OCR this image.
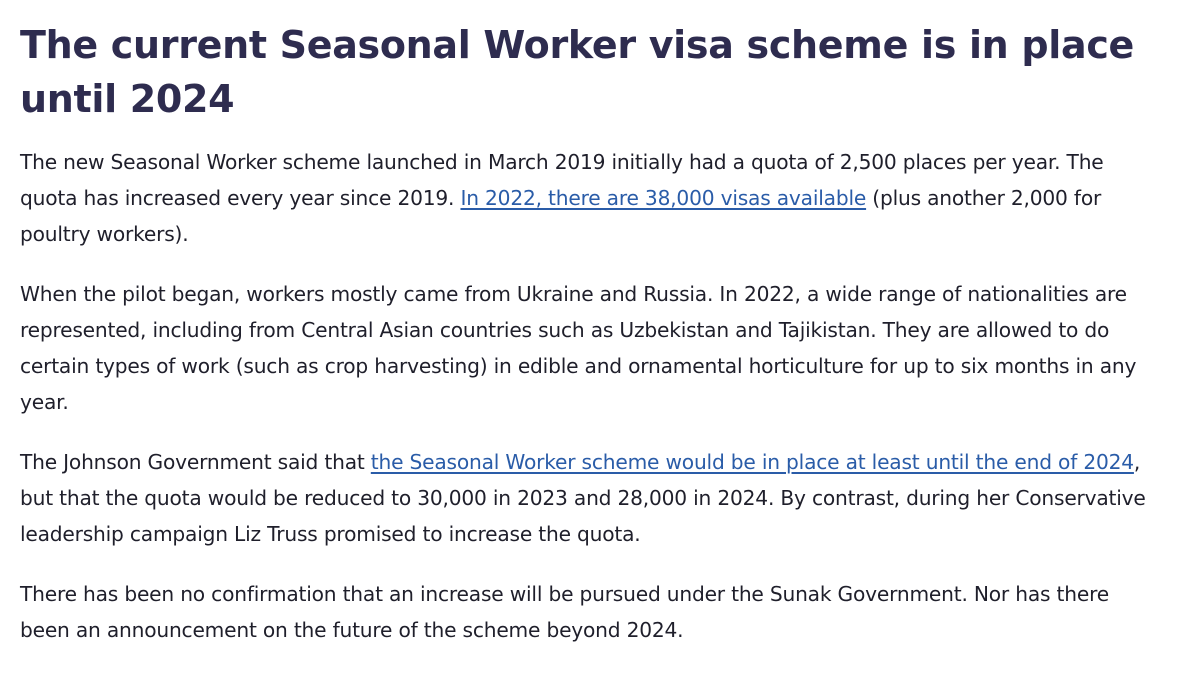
The current Seasonal Worker visa scheme is in place until 2024

The new Seasonal Worker scheme launched in March 2019 initially had a quota of 2,500 places per year. The quota has increased every year since 2019. In 2022, there are 38,000 visas available (plus another 2,000 for poultry workers).

When the pilot began, workers mostly came from Ukraine and Russia. In 2022, a wide range of nationalities are represented, including from Central Asian countries such as Uzbekistan and Tajikistan. They are allowed to do certain types of work (such as crop harvesting) in edible and ornamental horticulture for up to six months in any year.

The Johnson Government said that the Seasonal Worker scheme would be in place at least until the end of 2024, but that the quota would be reduced to 30,000 in 2023 and 28,000 in 2024. By contrast, during her Conservative leadership campaign Liz Truss promised to increase the quota.

There has been no confirmation that an increase will be pursued under the Sunak Government. Nor has there been an announcement on the future of the scheme beyond 2024.
